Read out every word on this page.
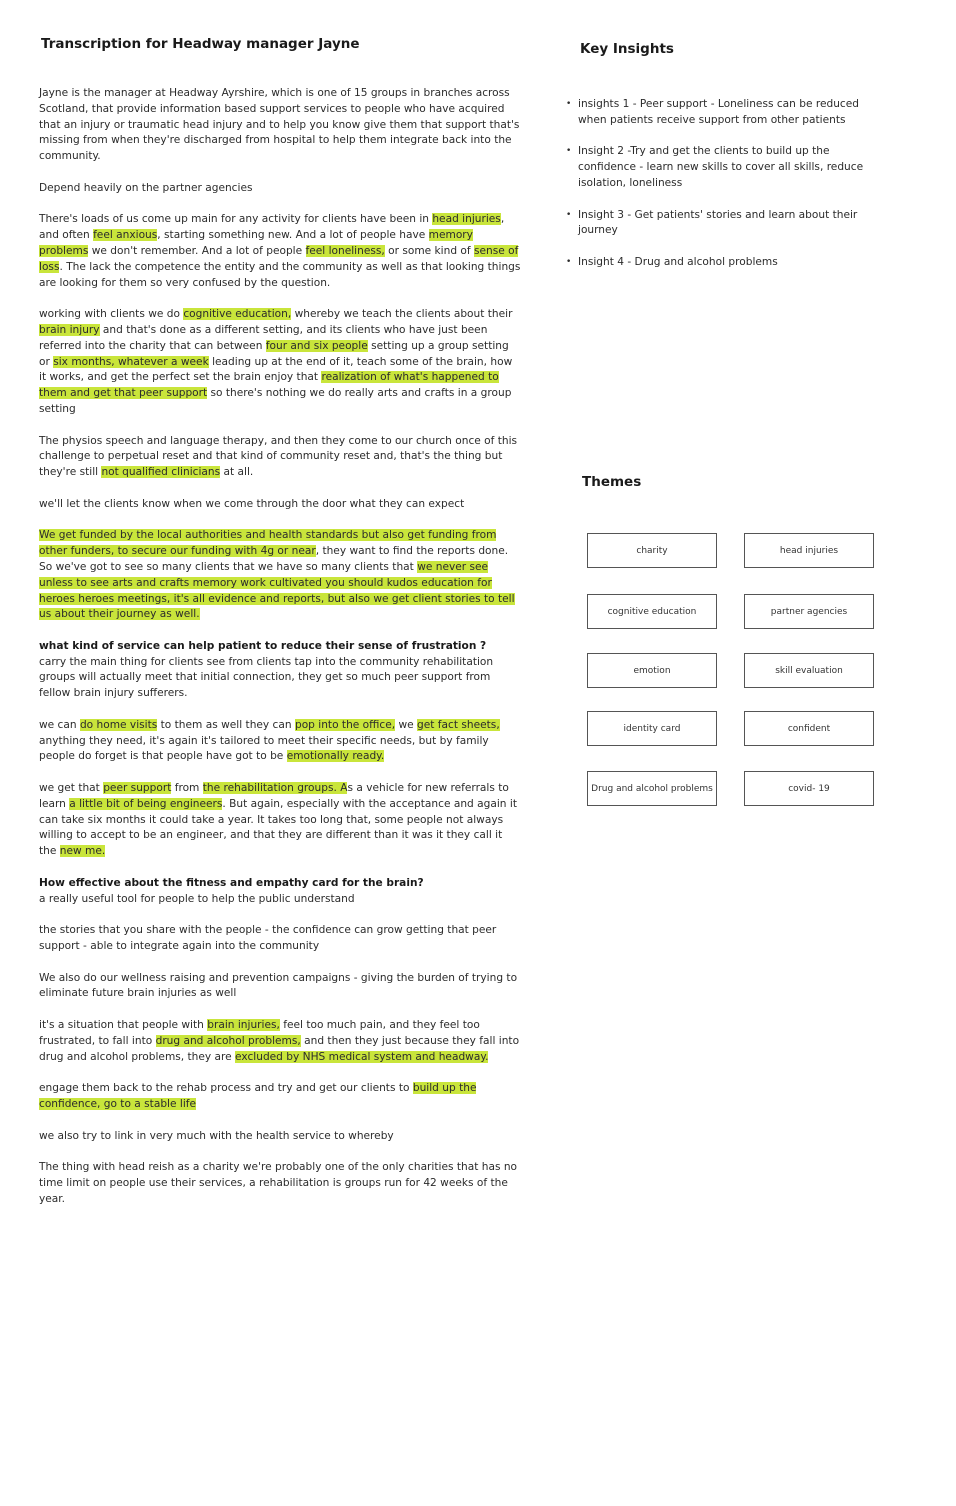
Transcription for Headway manager Jayne

Jayne is the manager at Headway Ayrshire, which is one of 15 groups in branches across Scotland, that provide information based support services to people who have acquired that an injury or traumatic head injury and to help you know give them that support that's missing from when they're discharged from hospital to help them integrate back into the community.

Depend heavily on the partner agencies

There's loads of us come up main for any activity for clients have been in head injuries, and often feel anxious, starting something new. And a lot of people have memory problems we don't remember. And a lot of people feel loneliness, or some kind of sense of loss. The lack the competence the entity and the community as well as that looking things are looking for them so very confused by the question.

working with clients we do cognitive education, whereby we teach the clients about their brain injury and that's done as a different setting, and its clients who have just been referred into the charity that can between four and six people setting up a group setting or six months, whatever a week leading up at the end of it, teach some of the brain, how it works, and get the perfect set the brain enjoy that realization of what's happened to them and get that peer support so there's nothing we do really arts and crafts in a group setting

The physios speech and language therapy, and then they come to our church once of this challenge to perpetual reset and that kind of community reset and, that's the thing but they're still not qualified clinicians at all.

we'll let the clients know when we come through the door what they can expect

We get funded by the local authorities and health standards but also get funding from other funders, to secure our funding with 4g or near, they want to find the reports done. So we've got to see so many clients that we have so many clients that we never see unless to see arts and crafts memory work cultivated you should kudos education for heroes heroes meetings, it's all evidence and reports, but also we get client stories to tell us about their journey as well.

what kind of service can help patient to reduce their sense of frustration ?

carry the main thing for clients see from clients tap into the community rehabilitation groups will actually meet that initial connection, they get so much peer support from fellow brain injury sufferers.

we can do home visits to them as well they can pop into the office, we get fact sheets, anything they need, it's again it's tailored to meet their specific needs, but by family people do forget is that people have got to be emotionally ready.

we get that peer support from the rehabilitation groups. As a vehicle for new referrals to learn a little bit of being engineers. But again, especially with the acceptance and again it can take six months it could take a year. It takes too long that, some people not always willing to accept to be an engineer, and that they are different than it was it they call it the new me.

How effective about the fitness and empathy card for the brain?

a really useful tool for people to help the public understand

the stories that you share with the people - the confidence can grow getting that peer support - able to integrate again into the community

We also do our wellness raising and prevention campaigns - giving the burden of trying to eliminate future brain injuries as well

it's a situation that people with brain injuries, feel too much pain, and they feel too frustrated, to fall into drug and alcohol problems, and then they just because they fall into drug and alcohol problems, they are excluded by NHS medical system and headway.

engage them back to the rehab process and try and get our clients to build up the confidence, go to a stable life

we also try to link in very much with the health service to whereby

The thing with head reish as a charity we're probably one of the only charities that has no time limit on people use their services, a rehabilitation is groups run for 42 weeks of the year.

Key Insights
• insights 1 - Peer support - Loneliness can be reduced when patients receive support from other patients
• Insight 2 -Try and get the clients to build up the confidence - learn new skills to cover all skills, reduce isolation, loneliness
• Insight 3 - Get patients' stories and learn about their journey
• Insight 4 - Drug and alcohol problems
Themes
charity	head injuries
cognitive education	partner agencies
emotion	skill evaluation
identity card	confident
Drug and alcohol problems	covid- 19
